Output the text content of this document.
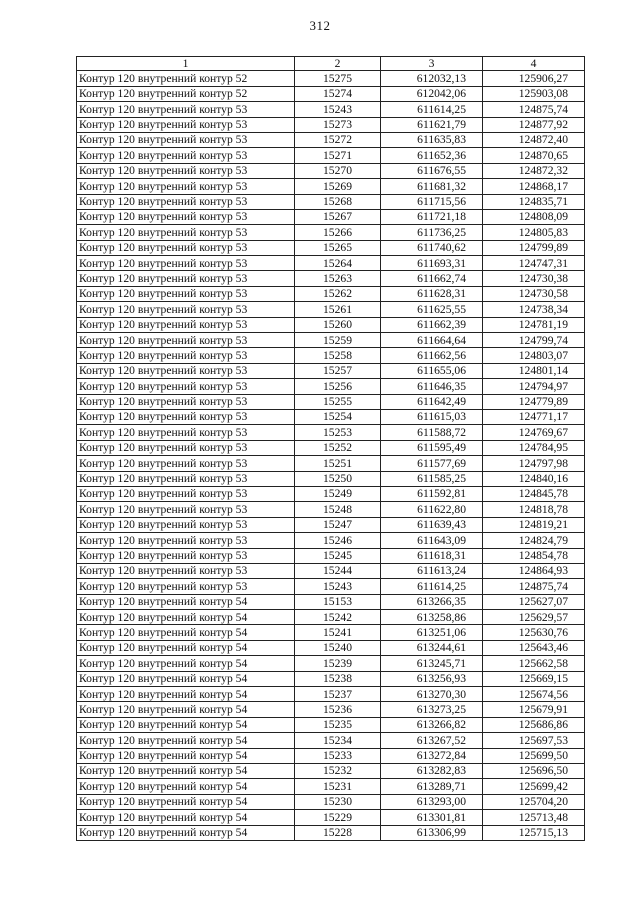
312
1	2	3	4
Контур 120 внутренний контур 52	15275	612032,13	125906,27
Контур 120 внутренний контур 52	15274	612042,06	125903,08
Контур 120 внутренний контур 53	15243	611614,25	124875,74
Контур 120 внутренний контур 53	15273	611621,79	124877,92
Контур 120 внутренний контур 53	15272	611635,83	124872,40
Контур 120 внутренний контур 53	15271	611652,36	124870,65
Контур 120 внутренний контур 53	15270	611676,55	124872,32
Контур 120 внутренний контур 53	15269	611681,32	124868,17
Контур 120 внутренний контур 53	15268	611715,56	124835,71
Контур 120 внутренний контур 53	15267	611721,18	124808,09
Контур 120 внутренний контур 53	15266	611736,25	124805,83
Контур 120 внутренний контур 53	15265	611740,62	124799,89
Контур 120 внутренний контур 53	15264	611693,31	124747,31
Контур 120 внутренний контур 53	15263	611662,74	124730,38
Контур 120 внутренний контур 53	15262	611628,31	124730,58
Контур 120 внутренний контур 53	15261	611625,55	124738,34
Контур 120 внутренний контур 53	15260	611662,39	124781,19
Контур 120 внутренний контур 53	15259	611664,64	124799,74
Контур 120 внутренний контур 53	15258	611662,56	124803,07
Контур 120 внутренний контур 53	15257	611655,06	124801,14
Контур 120 внутренний контур 53	15256	611646,35	124794,97
Контур 120 внутренний контур 53	15255	611642,49	124779,89
Контур 120 внутренний контур 53	15254	611615,03	124771,17
Контур 120 внутренний контур 53	15253	611588,72	124769,67
Контур 120 внутренний контур 53	15252	611595,49	124784,95
Контур 120 внутренний контур 53	15251	611577,69	124797,98
Контур 120 внутренний контур 53	15250	611585,25	124840,16
Контур 120 внутренний контур 53	15249	611592,81	124845,78
Контур 120 внутренний контур 53	15248	611622,80	124818,78
Контур 120 внутренний контур 53	15247	611639,43	124819,21
Контур 120 внутренний контур 53	15246	611643,09	124824,79
Контур 120 внутренний контур 53	15245	611618,31	124854,78
Контур 120 внутренний контур 53	15244	611613,24	124864,93
Контур 120 внутренний контур 53	15243	611614,25	124875,74
Контур 120 внутренний контур 54	15153	613266,35	125627,07
Контур 120 внутренний контур 54	15242	613258,86	125629,57
Контур 120 внутренний контур 54	15241	613251,06	125630,76
Контур 120 внутренний контур 54	15240	613244,61	125643,46
Контур 120 внутренний контур 54	15239	613245,71	125662,58
Контур 120 внутренний контур 54	15238	613256,93	125669,15
Контур 120 внутренний контур 54	15237	613270,30	125674,56
Контур 120 внутренний контур 54	15236	613273,25	125679,91
Контур 120 внутренний контур 54	15235	613266,82	125686,86
Контур 120 внутренний контур 54	15234	613267,52	125697,53
Контур 120 внутренний контур 54	15233	613272,84	125699,50
Контур 120 внутренний контур 54	15232	613282,83	125696,50
Контур 120 внутренний контур 54	15231	613289,71	125699,42
Контур 120 внутренний контур 54	15230	613293,00	125704,20
Контур 120 внутренний контур 54	15229	613301,81	125713,48
Контур 120 внутренний контур 54	15228	613306,99	125715,13
